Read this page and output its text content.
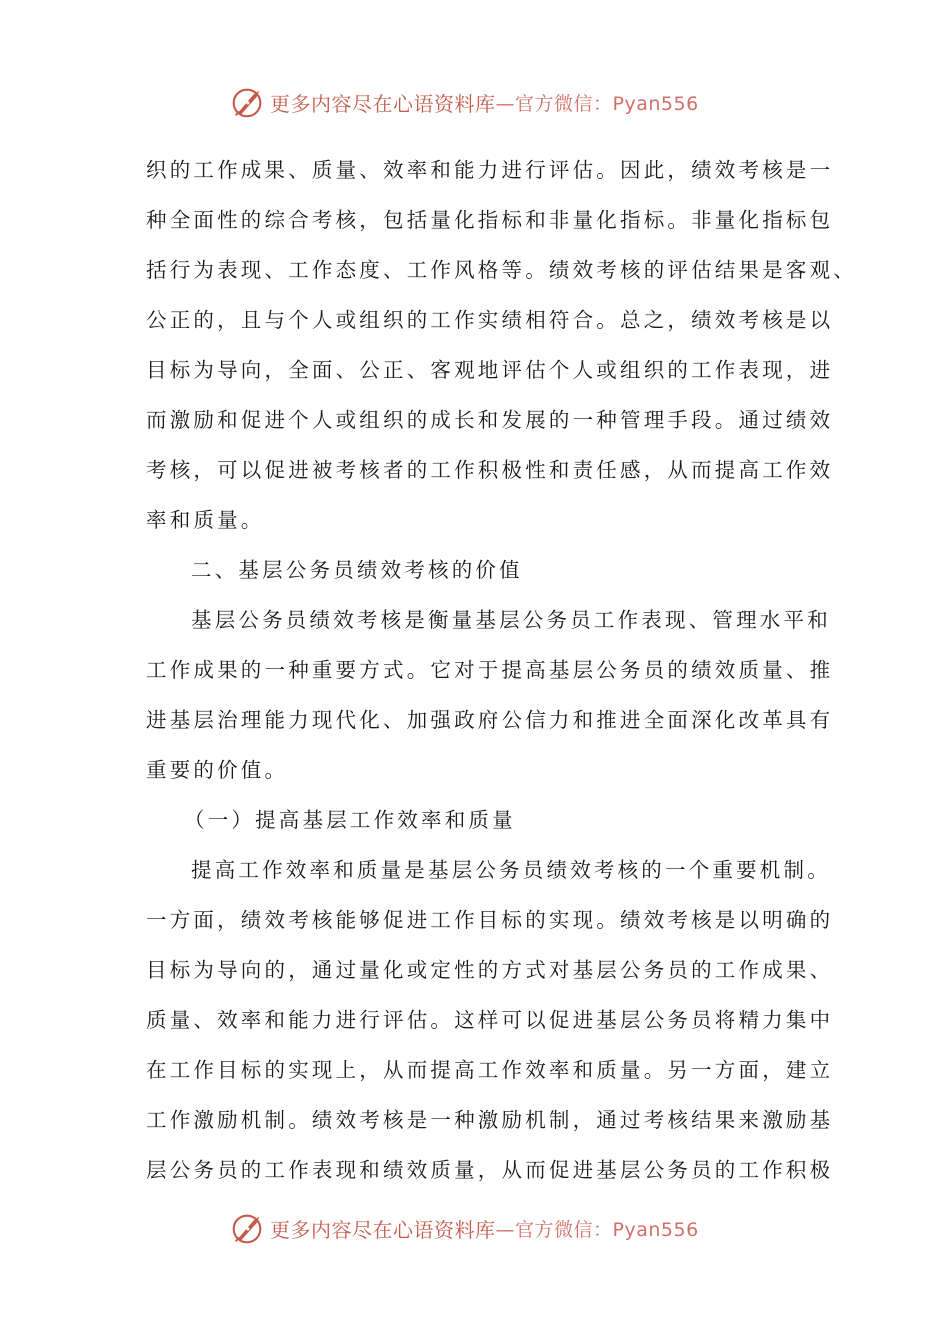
更多内容尽在心语资料库 —官方微信：Pyan556
织的工作成果、质量、效率和能力进行评估。因此，绩效考核是一
种全面性的综合考核，包括量化指标和非量化指标。非量化指标包
括行为表现、工作态度、工作风格等。绩效考核的评估结果是客观、
公正的，且与个人或组织的工作实绩相符合。总之，绩效考核是以
目标为导向，全面、公正、客观地评估个人或组织的工作表现，进
而激励和促进个人或组织的成长和发展的一种管理手段。通过绩效
考核，可以促进被考核者的工作积极性和责任感，从而提高工作效
率和质量。
二、基层公务员绩效考核的价值
基层公务员绩效考核是衡量基层公务员工作表现、管理水平和
工作成果的一种重要方式。它对于提高基层公务员的绩效质量、推
进基层治理能力现代化、加强政府公信力和推进全面深化改革具有
重要的价值。
（一）提高基层工作效率和质量
提高工作效率和质量是基层公务员绩效考核的一个重要机制。
一方面，绩效考核能够促进工作目标的实现。绩效考核是以明确的
目标为导向的，通过量化或定性的方式对基层公务员的工作成果、
质量、效率和能力进行评估。这样可以促进基层公务员将精力集中
在工作目标的实现上，从而提高工作效率和质量。另一方面，建立
工作激励机制。绩效考核是一种激励机制，通过考核结果来激励基
层公务员的工作表现和绩效质量，从而促进基层公务员的工作积极
更多内容尽在心语资料库 —官方微信：Pyan556
